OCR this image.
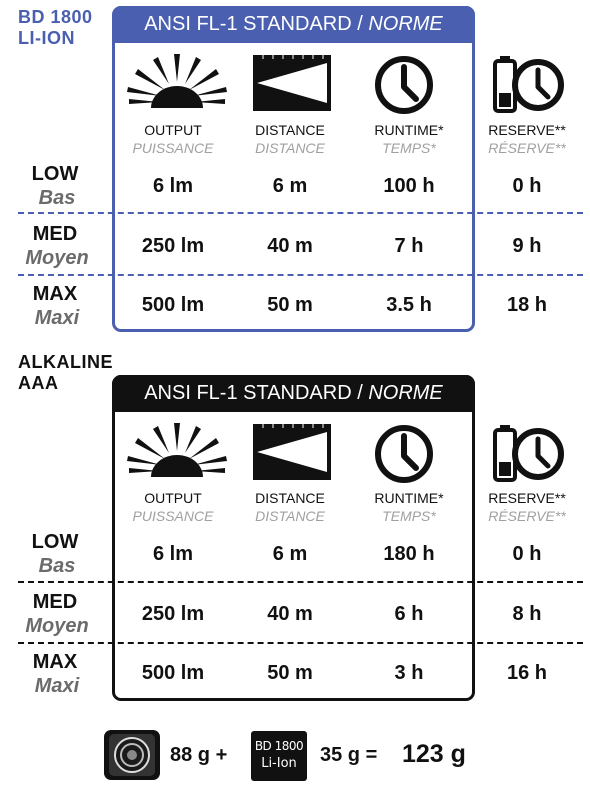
BD 1800
LI-ION
ANSI FL-1 STANDARD / NORME
OUTPUT
PUISSANCE
DISTANCE
DISTANCE
RUNTIME*
TEMPS*
RESERVE**
RÉSERVE**
LOW
Bas
6 lm	6 m	100 h	0 h
MED
Moyen
250 lm	40 m	7 h	9 h
MAX
Maxi
500 lm	50 m	3.5 h	18 h
ALKALINE
AAA	ANSI FL-1 STANDARD / NORME
OUTPUT
PUISSANCE
DISTANCE
DISTANCE
RUNTIME*
TEMPS*
RESERVE**
RÉSERVE**
LOW
Bas
6 lm	6 m	180 h	0 h
MED
Moyen
250 lm	40 m	6 h	8 h
MAX
Maxi
500 lm	50 m	3 h	16 h
88 g +	BD 1800
Li-Ion	35 g = 123 g
